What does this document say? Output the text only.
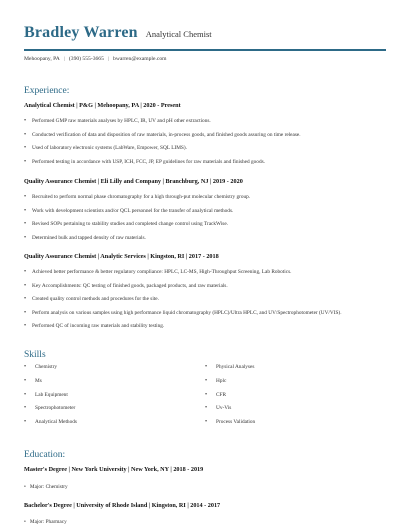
Bradley Warren Analytical Chemist
Mehoopany, PA | (390) 555-3665 | bwarren@example.com
Experience:
Analytical Chemist | P&G | Mehoopany, PA | 2020 - Present
• Performed GMP raw materials analyses by HPLC, IR, UV and pH other extractions.
• Conducted verification of data and disposition of raw materials, in-process goods, and finished goods assuring on time release.
• Used of laboratory electronic systems (LabWare, Empower, SQL LIMS).
• Performed testing in accordance with USP, ICH, FCC, JP, EP guidelines for raw materials and finished goods.
Quality Assurance Chemist | Eli Lilly and Company | Branchburg, NJ | 2019 - 2020
• Recruited to perform normal phase chromatography for a high through-put molecular chemistry group.
• Work with development scientists and/or QCL personnel for the transfer of analytical methods.
• Revised SOPs pertaining to stability studies and completed change control using TrackWise.
• Determined bulk and tapped density of raw materials.
Quality Assurance Chemist | Analytic Services | Kingston, RI | 2017 - 2018
• Achieved better performance & better regulatory compliance: HPLC, LC-MS, High-Throughput Screening, Lab Robotics.
• Key Accomplishments: QC testing of finished goods, packaged products, and raw materials.
• Created quality control methods and procedures for the site.
• Perform analysis on various samples using high performance liquid chromatography (HPLC)/Ultra HPLC, and UV/Spectrophotometer (UV/VIS).
• Performed QC of incoming raw materials and stability testing.
Skills
• Chemistry	• Physical Analyses
• Ms	• Hplc
• Lab Equipment	• CFR
• Spectrophotometer	• Uv-Vis
• Analytical Methods	• Process Validation
Education:
Master's Degree | New York University | New York, NY | 2018 - 2019
• Major: Chemistry
Bachelor's Degree | University of Rhode Island | Kingston, RI | 2014 - 2017
• Major: Pharmacy
